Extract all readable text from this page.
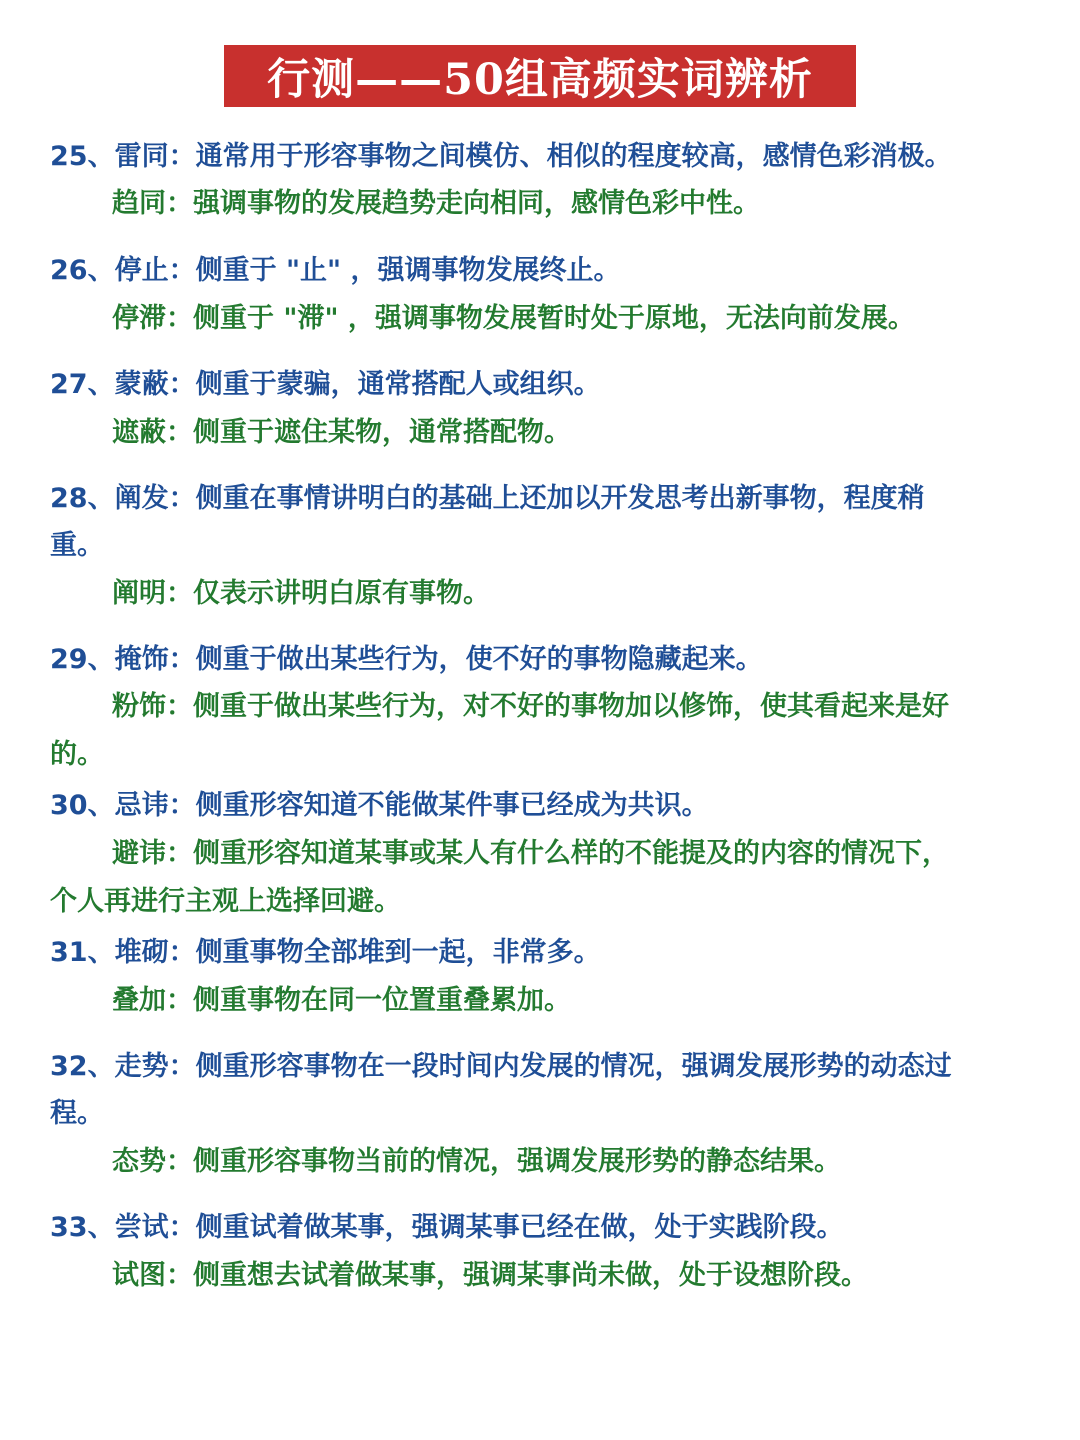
行测——50组高频实词辨析
25、雷同：通常用于形容事物之间模仿、相似的程度较高，感情色彩消极。
趋同：强调事物的发展趋势走向相同，感情色彩中性。
26、停止：侧重于 "止" ，强调事物发展终止。
停滞：侧重于 "滞" ，强调事物发展暂时处于原地，无法向前发展。
27、蒙蔽：侧重于蒙骗，通常搭配人或组织。
遮蔽：侧重于遮住某物，通常搭配物。
28、阐发：侧重在事情讲明白的基础上还加以开发思考出新事物，程度稍
重。
阐明：仅表示讲明白原有事物。
29、掩饰：侧重于做出某些行为，使不好的事物隐藏起来。
粉饰：侧重于做出某些行为，对不好的事物加以修饰，使其看起来是好
的。
30、忌讳：侧重形容知道不能做某件事已经成为共识。
避讳：侧重形容知道某事或某人有什么样的不能提及的内容的情况下，
个人再进行主观上选择回避。
31、堆砌：侧重事物全部堆到一起，非常多。
叠加：侧重事物在同一位置重叠累加。
32、走势：侧重形容事物在一段时间内发展的情况，强调发展形势的动态过
程。
态势：侧重形容事物当前的情况，强调发展形势的静态结果。
33、尝试：侧重试着做某事，强调某事已经在做，处于实践阶段。
试图：侧重想去试着做某事，强调某事尚未做，处于设想阶段。
